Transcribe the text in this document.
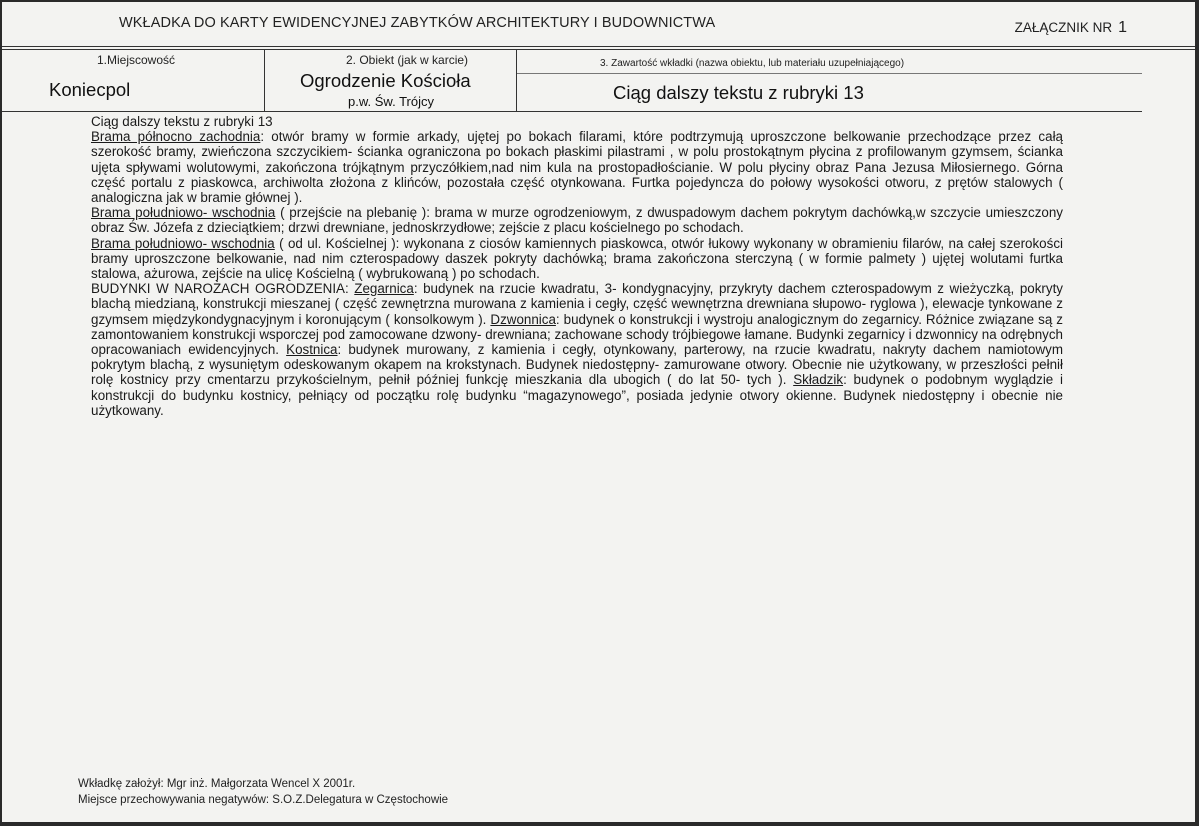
WKŁADKA DO KARTY EWIDENCYJNEJ ZABYTKÓW ARCHITEKTURY I BUDOWNICTWA	ZAŁĄCZNIK NR 1
1.Miejscowość
Koniecpol
2. Obiekt (jak w karcie)
Ogrodzenie Kościoła
p.w. Św. Trójcy
3. Zawartość wkładki (nazwa obiektu, lub materiału uzupełniającego)
Ciąg dalszy tekstu z rubryki 13

Ciąg dalszy tekstu z rubryki 13

Brama północno zachodnia: otwór bramy w formie arkady, ujętej po bokach filarami, które podtrzymują uproszczone belkowanie przechodzące przez całą szerokość bramy, zwieńczona szczycikiem- ścianka ograniczona po bokach płaskimi pilastrami , w polu prostokątnym płycina z profilowanym gzymsem, ścianka ujęta spływami wolutowymi, zakończona trójkątnym przyczółkiem,nad nim kula na prostopadłościanie. W polu płyciny obraz Pana Jezusa Miłosiernego. Górna część portalu z piaskowca, archiwolta złożona z klińców, pozostała część otynkowana. Furtka pojedyncza do połowy wysokości otworu, z prętów stalowych ( analogiczna jak w bramie głównej ).

Brama południowo- wschodnia ( przejście na plebanię ): brama w murze ogrodzeniowym, z dwuspadowym dachem pokrytym dachówką,w szczycie umieszczony obraz Św. Józefa z dzieciątkiem; drzwi drewniane, jednoskrzydłowe; zejście z placu kościelnego po schodach.

Brama południowo- wschodnia ( od ul. Kościelnej ): wykonana z ciosów kamiennych piaskowca, otwór łukowy wykonany w obramieniu filarów, na całej szerokości bramy uproszczone belkowanie, nad nim czterospadowy daszek pokryty dachówką; brama zakończona sterczyną ( w formie palmety ) ujętej wolutami furtka stalowa, ażurowa, zejście na ulicę Kościelną ( wybrukowaną ) po schodach.

BUDYNKI W NAROŻACH OGRODZENIA: Zegarnica: budynek na rzucie kwadratu, 3- kondygnacyjny, przykryty dachem czterospadowym z wieżyczką, pokryty blachą miedzianą, konstrukcji mieszanej ( część zewnętrzna murowana z kamienia i cegły, część wewnętrzna drewniana słupowo- ryglowa ), elewacje tynkowane z gzymsem międzykondygnacyjnym i koronującym ( konsolkowym ). Dzwonnica: budynek o konstrukcji i wystroju analogicznym do zegarnicy. Różnice związane są z zamontowaniem konstrukcji wsporczej pod zamocowane dzwony- drewniana; zachowane schody trójbiegowe łamane. Budynki zegarnicy i dzwonnicy na odrębnych opracowaniach ewidencyjnych. Kostnica: budynek murowany, z kamienia i cegły, otynkowany, parterowy, na rzucie kwadratu, nakryty dachem namiotowym pokrytym blachą, z wysuniętym odeskowanym okapem na krokstynach. Budynek niedostępny- zamurowane otwory. Obecnie nie użytkowany, w przeszłości pełnił rolę kostnicy przy cmentarzu przykościelnym, pełnił później funkcję mieszkania dla ubogich ( do lat 50- tych ). Składzik: budynek o podobnym wyglądzie i konstrukcji do budynku kostnicy, pełniący od początku rolę budynku “magazynowego”, posiada jedynie otwory okienne. Budynek niedostępny i obecnie nie użytkowany.

Wkładkę założył: Mgr inż. Małgorzata Wencel X 2001r.
Miejsce przechowywania negatywów: S.O.Z.Delegatura w Częstochowie
